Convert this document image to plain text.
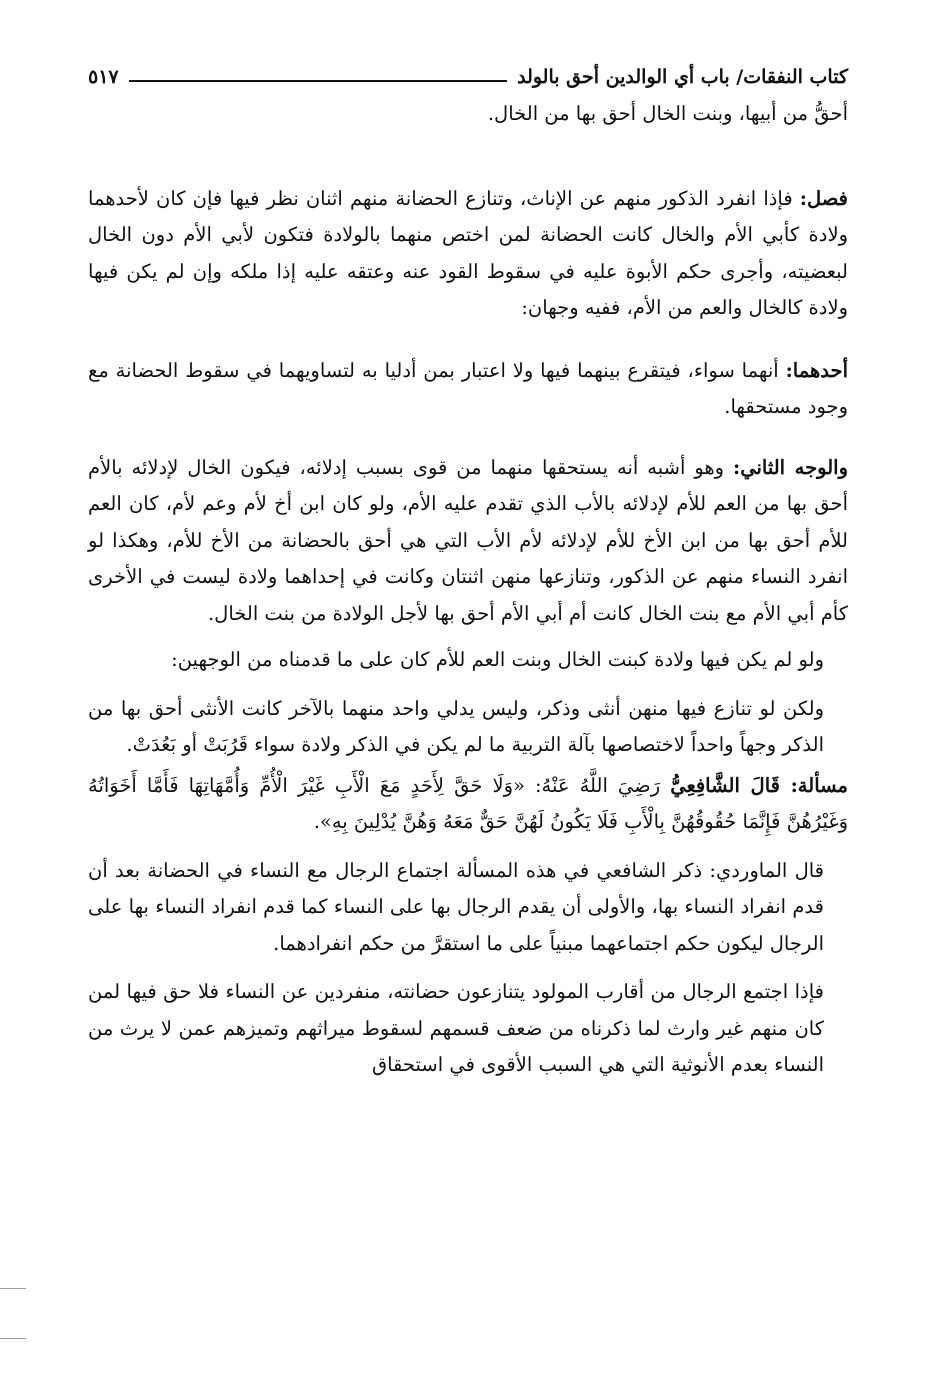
كتاب النفقات/ باب أي الوالدين أحق بالولد
٥١٧

أحقُّ من أبيها، وبنت الخال أحق بها من الخال.

فصل: فإذا انفرد الذكور منهم عن الإناث، وتنازع الحضانة منهم اثنان نظر فيها فإن كان لأحدهما ولادة كأبي الأم والخال كانت الحضانة لمن اختص منهما بالولادة فتكون لأبي الأم دون الخال لبعضيته، وأجرى حكم الأبوة عليه في سقوط القود عنه وعتقه عليه إذا ملكه وإن لم يكن فيها ولادة كالخال والعم من الأم، ففيه وجهان:

أحدهما: أنهما سواء، فيتقرع بينهما فيها ولا اعتبار بمن أدليا به لتساويهما في سقوط الحضانة مع وجود مستحقها.

والوجه الثاني: وهو أشبه أنه يستحقها منهما من قوى بسبب إدلائه، فيكون الخال لإدلائه بالأم أحق بها من العم للأم لإدلائه بالأب الذي تقدم عليه الأم، ولو كان ابن أخ لأم وعم لأم، كان العم للأم أحق بها من ابن الأخ للأم لإدلائه لأم الأب التي هي أحق بالحضانة من الأخ للأم، وهكذا لو انفرد النساء منهم عن الذكور، وتنازعها منهن اثنتان وكانت في إحداهما ولادة ليست في الأخرى كأم أبي الأم مع بنت الخال كانت أم أبي الأم أحق بها لأجل الولادة من بنت الخال.

ولو لم يكن فيها ولادة كبنت الخال وبنت العم للأم كان على ما قدمناه من الوجهين:

ولكن لو تنازع فيها منهن أنثى وذكر، وليس يدلي واحد منهما بالآخر كانت الأنثى أحق بها من الذكر وجهاً واحداً لاختصاصها بآلة التربية ما لم يكن في الذكر ولادة سواء قَرُبَتْ أو بَعُدَتْ.

مسألة: قَالَ الشَّافِعِيُّ رَضِيَ اللَّهُ عَنْهُ: «وَلَا حَقَّ لِأَحَدٍ مَعَ الْأَبِ غَيْرَ الْأُمِّ وَأُمَّهَاتِهَا فَأَمَّا أَخَوَاتُهُ وَغَيْرُهُنَّ فَإِنَّمَا حُقُوقُهُنَّ بِالْأَبِ فَلَا يَكُونُ لَهُنَّ حَقٌّ مَعَهُ وَهُنَّ يُدْلِينَ بِهِ».

قال الماوردي: ذكر الشافعي في هذه المسألة اجتماع الرجال مع النساء في الحضانة بعد أن قدم انفراد النساء بها، والأولى أن يقدم الرجال بها على النساء كما قدم انفراد النساء بها على الرجال ليكون حكم اجتماعهما مبنياً على ما استقرَّ من حكم انفرادهما.

فإذا اجتمع الرجال من أقارب المولود يتنازعون حضانته، منفردين عن النساء فلا حق فيها لمن كان منهم غير وارث لما ذكرناه من ضعف قسمهم لسقوط ميراثهم وتميزهم عمن لا يرث من النساء بعدم الأنوثية التي هي السبب الأقوى في استحقاق
